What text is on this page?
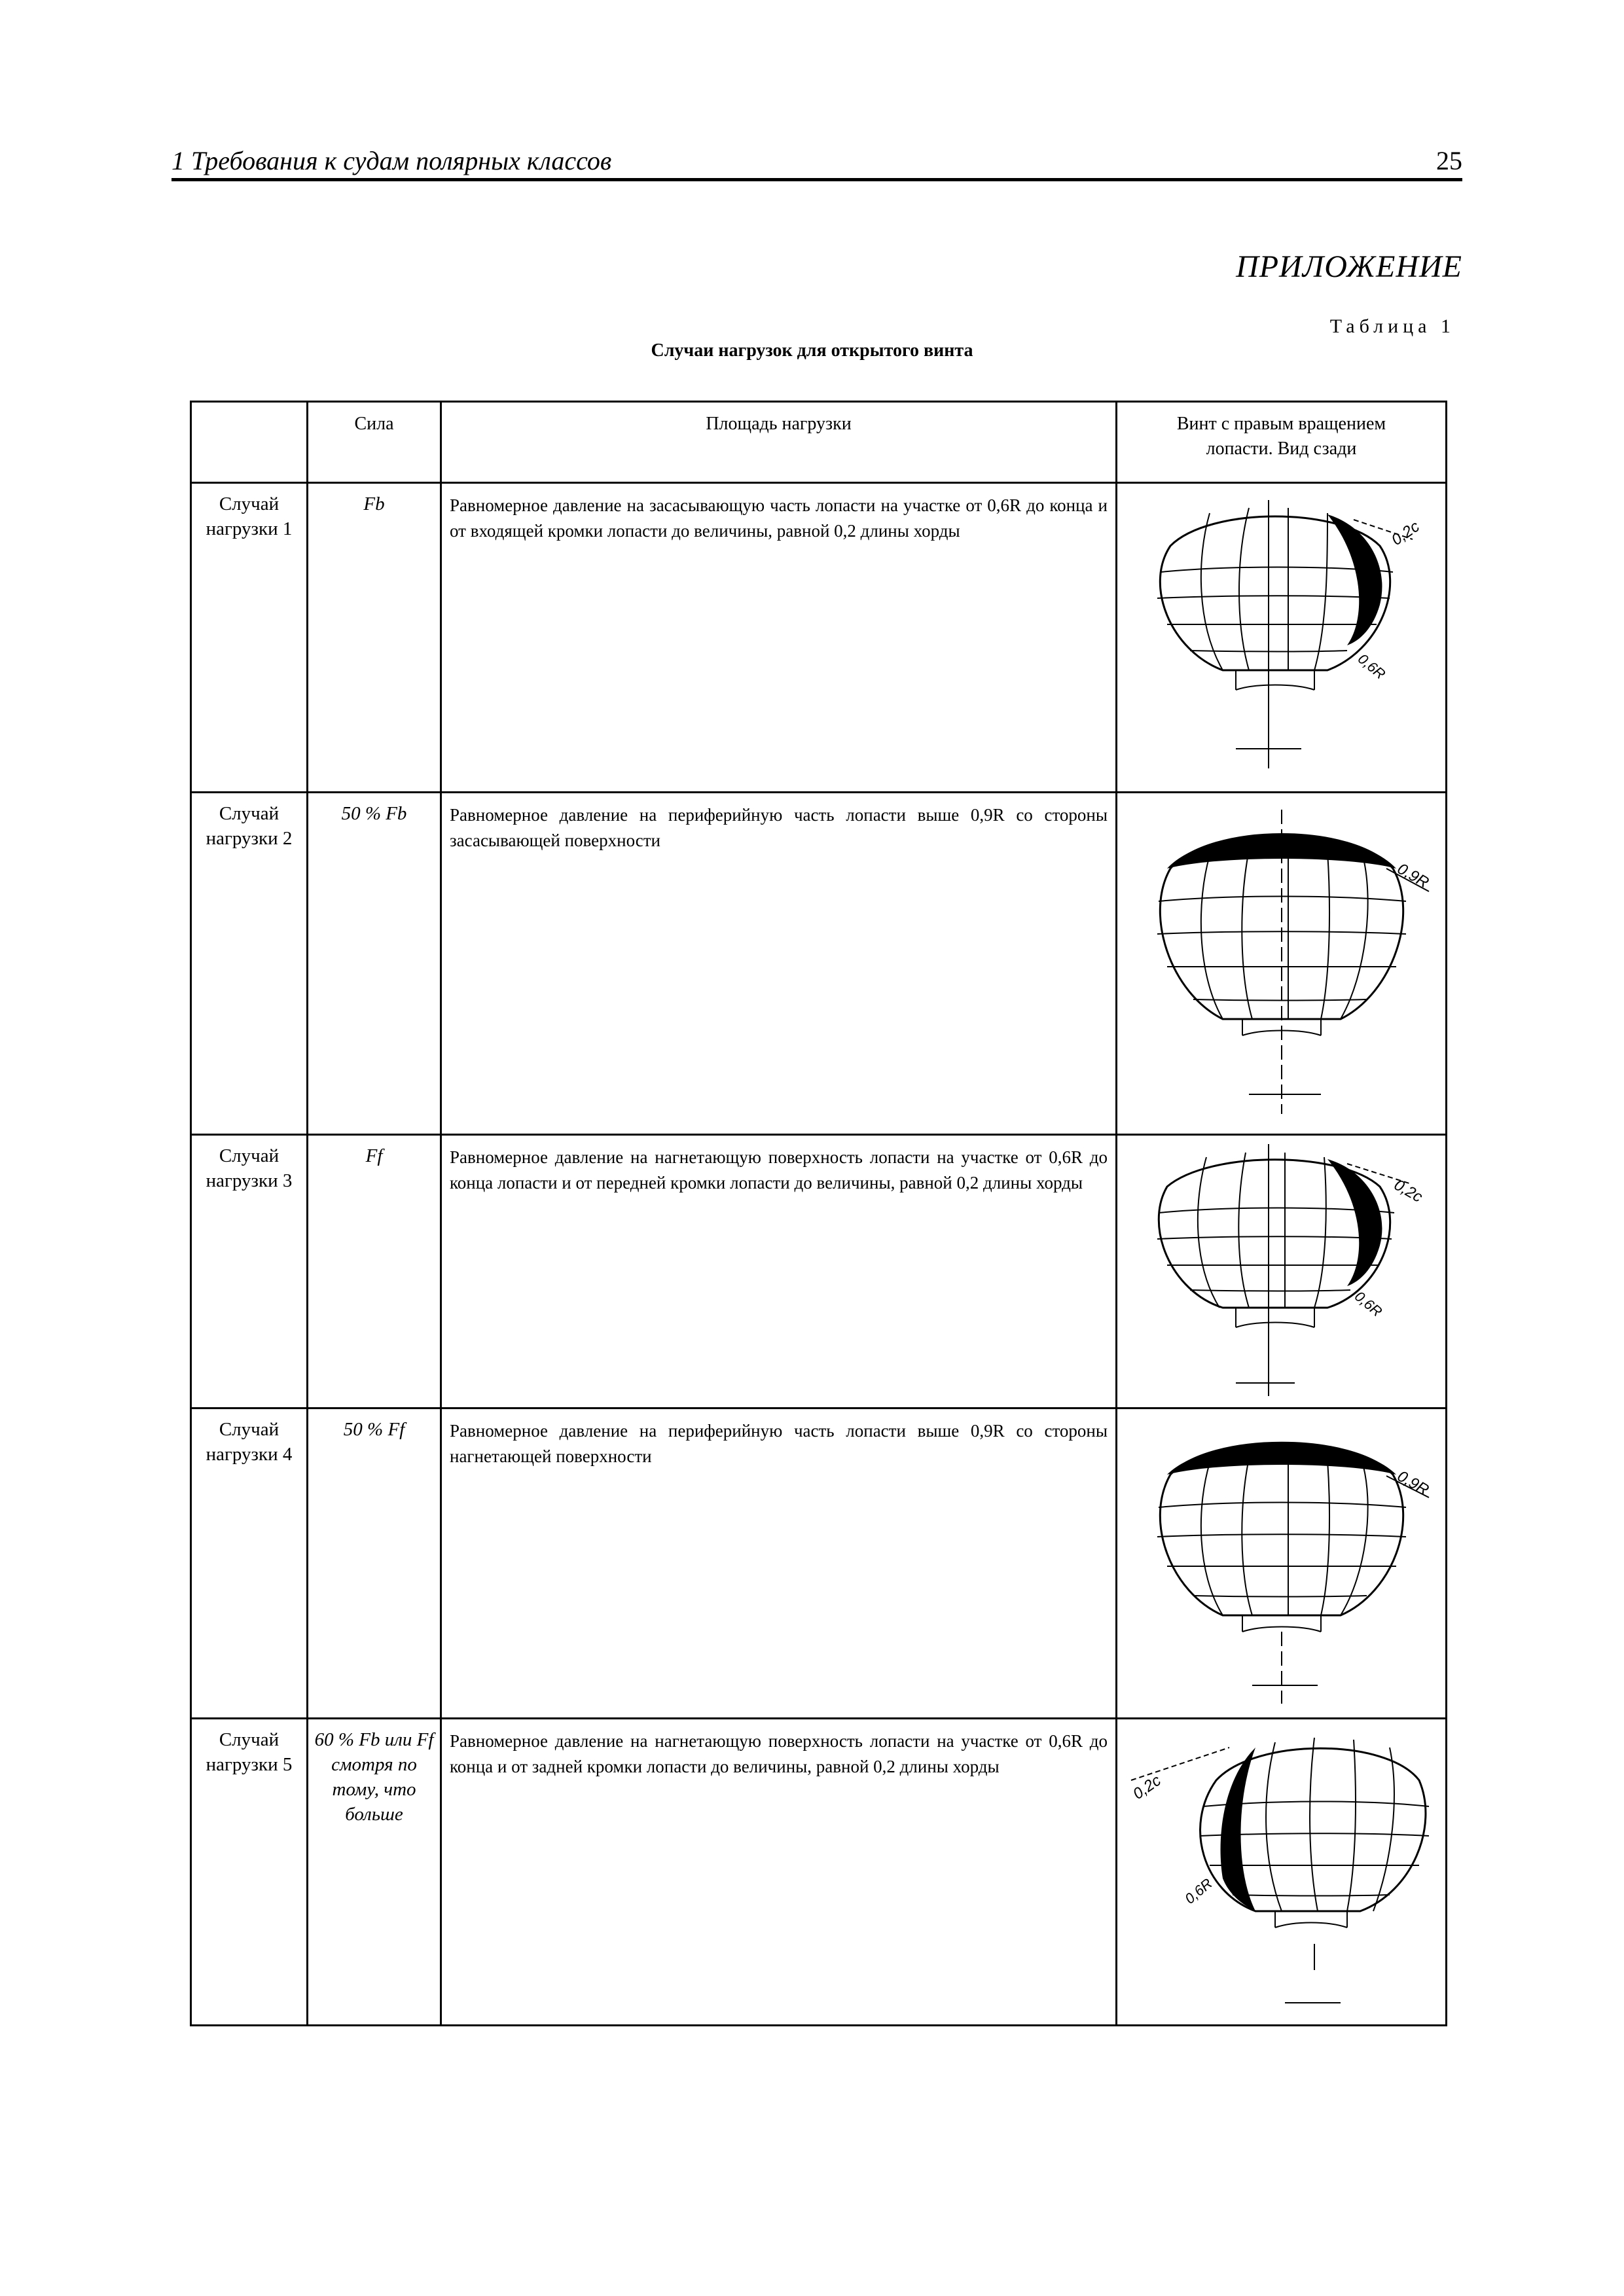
1 Требования к судам полярных классов	25
ПРИЛОЖЕНИЕ
Таблица 1
Случаи нагрузок для открытого винта
	Сила	Площадь нагрузки	Винт с правым вращением лопасти. Вид сзади
Случай нагрузки 1	Fb	Равномерное давление на засасывающую часть лопасти на участке от 0,6R до конца и от входящей кромки лопасти до величины, равной 0,2 длины хорды	0,2c
0,6R

Случай нагрузки 2	50 % Fb	Равномерное давление на периферийную часть лопасти выше 0,9R со стороны засасывающей поверхности	0,9R

Случай нагрузки 3	Ff	Равномерное давление на нагнетающую поверхность лопасти на участке от 0,6R до конца лопасти и от передней кромки лопасти до величины, равной 0,2 длины хорды	0,2c
0,6R

Случай нагрузки 4	50 % Ff	Равномерное давление на периферийную часть лопасти выше 0,9R со стороны нагнетающей поверхности	0,9R

Случай нагрузки 5	60 % Fb или Ff смотря по тому, что больше	Равномерное давление на нагнетающую поверхность лопасти на участке от 0,6R до конца и от задней кромки лопасти до величины, равной 0,2 длины хорды	0,2c
0,6R
